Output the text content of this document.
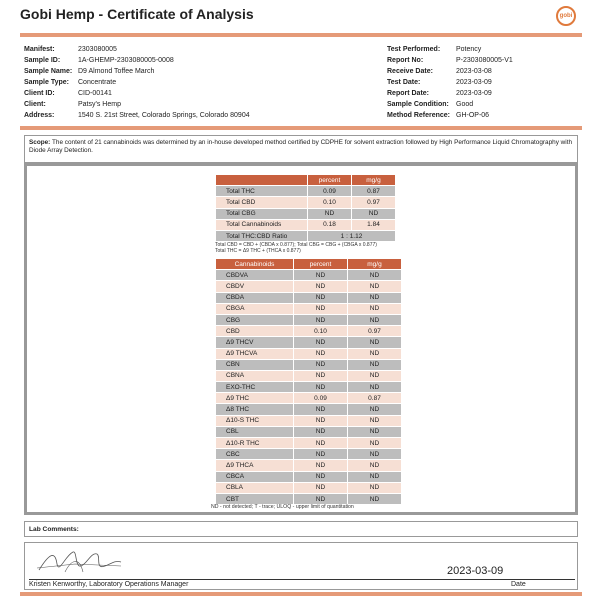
Gobi Hemp - Certificate of Analysis	gobi
Manifest:	2303080005
Sample ID:	1A-GHEMP-2303080005-0008
Sample Name: D9 Almond Toffee March
Sample Type:	Concentrate
Client ID:	CID-00141
Client:	Patsy's Hemp
Address:	1540 S. 21st Street, Colorado Springs, Colorado 80904
Test Performed:	Potency
Report No:	P-2303080005-V1
Receive Date:	2023-03-08
Test Date:	2023-03-09
Report Date:	2023-03-09
Sample Condition:	Good
Method Reference: GH-OP-06
Scope: The content of 21 cannabinoids was determined by an in-house developed method certified by CDPHE for solvent extraction followed by High Performance Liquid Chromatography with Diode Array Detection.
	percent	mg/g
Total THC	0.09	0.87
Total CBD	0.10	0.97
Total CBG	ND	ND
Total Cannabinoids	0.18	1.84
Total THC:CBD Ratio	1 : 1.12	
Total CBD = CBD + (CBDA x 0.877); Total CBG = CBG + (CBGA x 0.877)
Total THC = Δ9 THC + (THCA x 0.877)
Cannabinoids	percent	mg/g
CBDVA	ND	ND
CBDV	ND	ND
CBDA	ND	ND
CBGA	ND	ND
CBG	ND	ND
CBD	0.10	0.97
Δ9 THCV	ND	ND
Δ9 THCVA	ND	ND
CBN	ND	ND
CBNA	ND	ND
EXO-THC	ND	ND
Δ9 THC	0.09	0.87
Δ8 THC	ND	ND
Δ10-S THC	ND	ND
CBL	ND	ND
Δ10-R THC	ND	ND
CBC	ND	ND
Δ9 THCA	ND	ND
CBCA	ND	ND
CBLA	ND	ND
CBT	ND	ND
ND - not detected; T - trace; ULOQ - upper limit of quantitation
Lab Comments:
2023-03-09
Kristen Kenworthy, Laboratory Operations Manager	Date
